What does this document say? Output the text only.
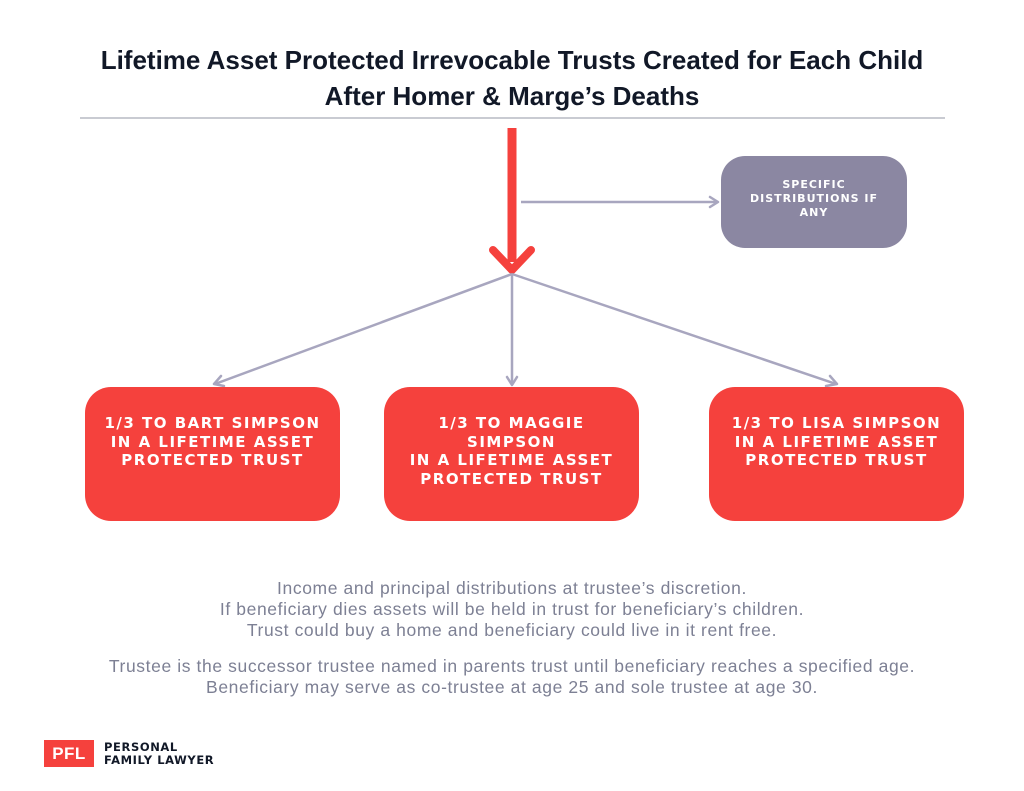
Lifetime Asset Protected Irrevocable Trusts Created for Each Child
After Homer & Marge’s Deaths
SPECIFIC
DISTRIBUTIONS IF
ANY
1/3 TO BART SIMPSON
IN A LIFETIME ASSET
PROTECTED TRUST
1/3 TO MAGGIE
SIMPSON
IN A LIFETIME ASSET
PROTECTED TRUST
1/3 TO LISA SIMPSON
IN A LIFETIME ASSET
PROTECTED TRUST
Income and principal distributions at trustee’s discretion.
If beneficiary dies assets will be held in trust for beneficiary’s children.
Trust could buy a home and beneficiary could live in it rent free.
Trustee is the successor trustee named in parents trust until beneficiary reaches a specified age.
Beneficiary may serve as co-trustee at age 25 and sole trustee at age 30.
PFL	PERSONAL
FAMILY LAWYER
